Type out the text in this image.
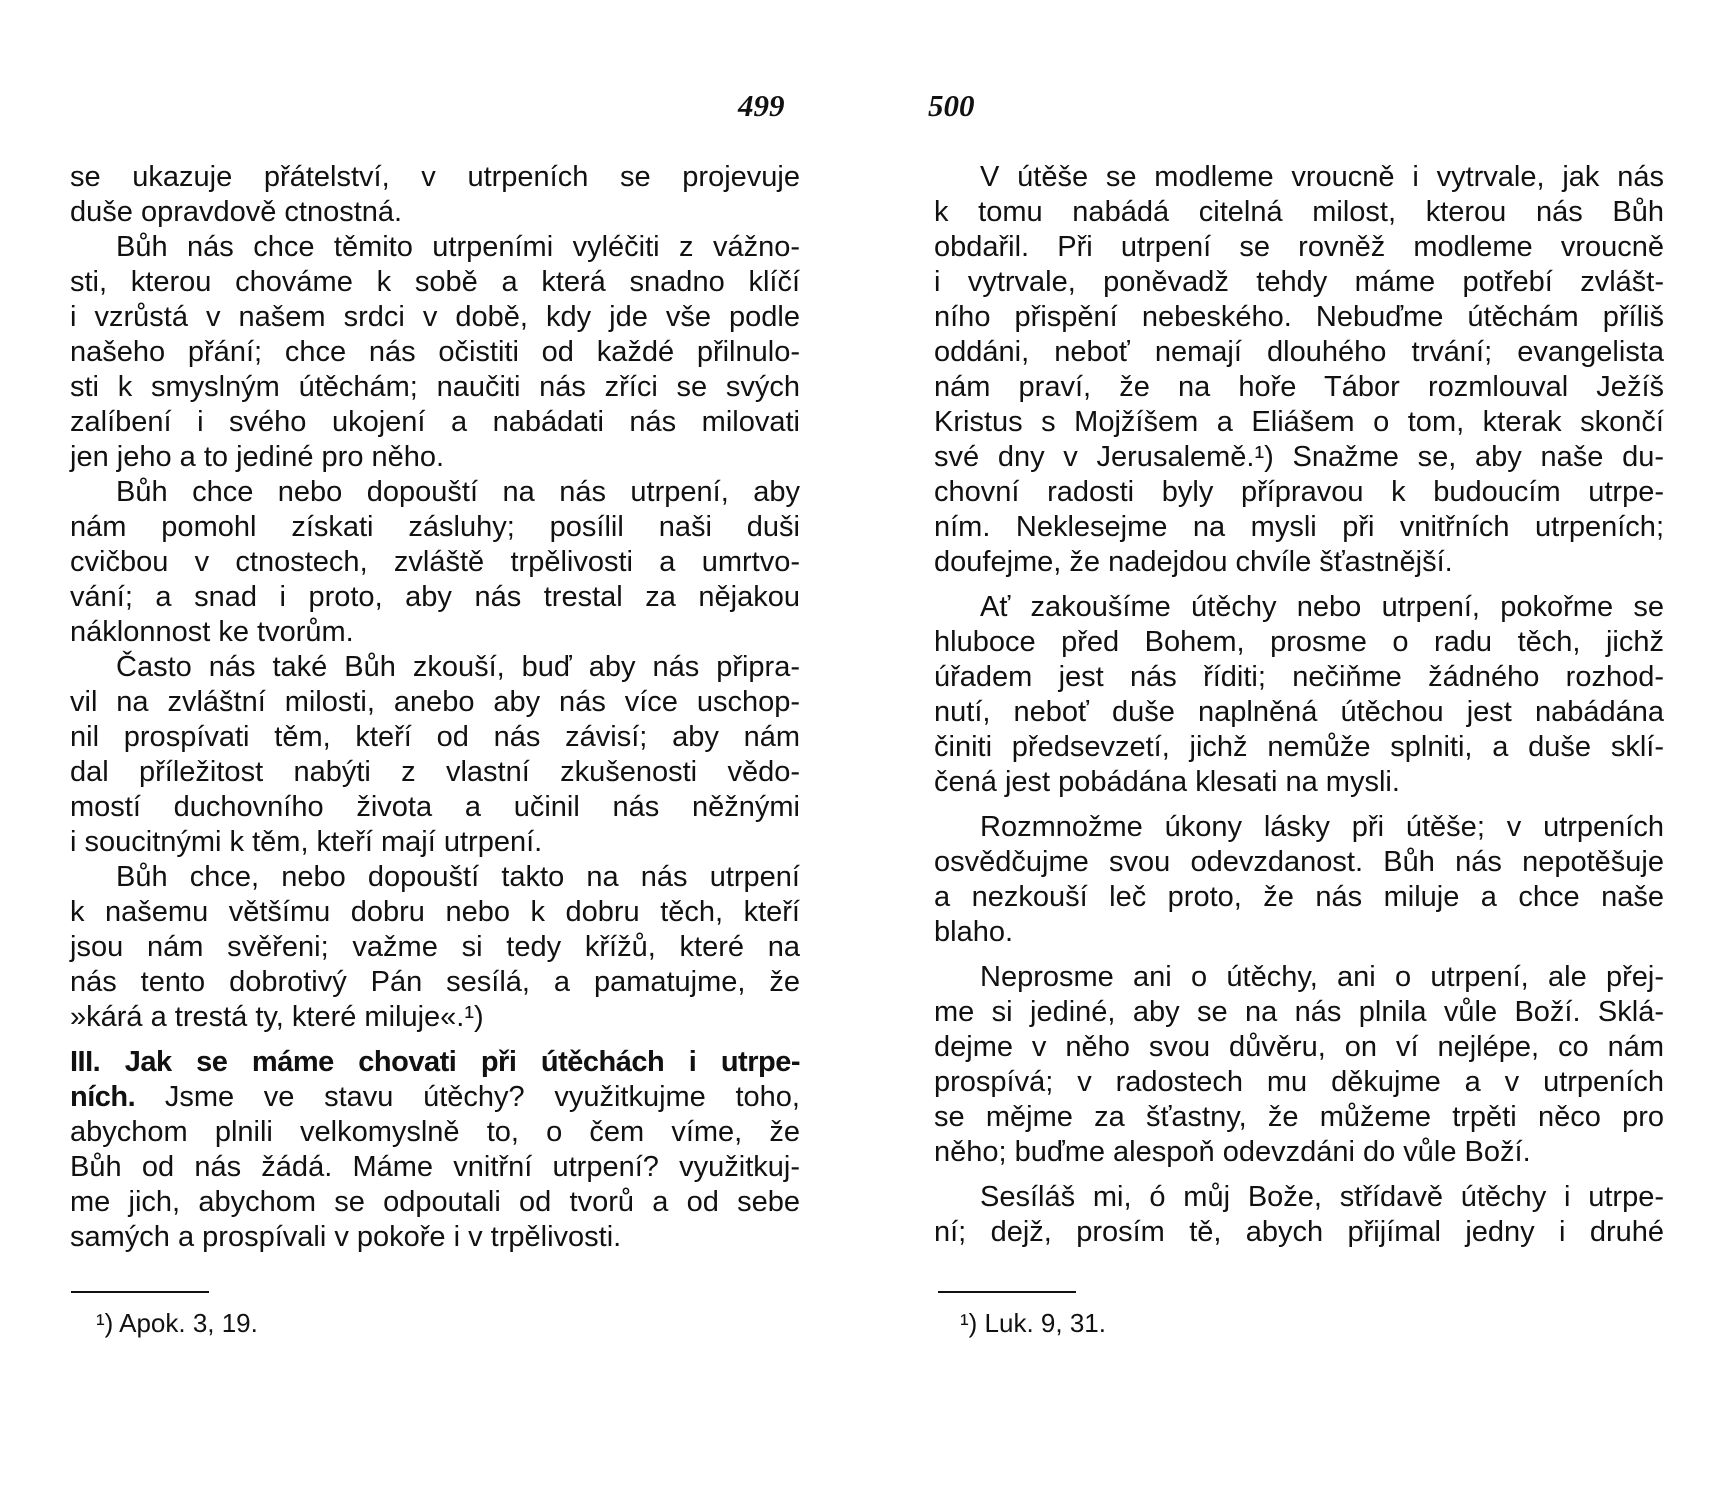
499
se ukazuje přátelství, v utrpeních se projevuje
duše opravdově ctnostná.
Bůh nás chce těmito utrpeními vyléčiti z vážno-
sti, kterou chováme k sobě a která snadno klíčí
i vzrůstá v našem srdci v době, kdy jde vše podle
našeho přání; chce nás očistiti od každé přilnulo-
sti k smyslným útěchám; naučiti nás zříci se svých
zalíbení i svého ukojení a nabádati nás milovati
jen jeho a to jediné pro něho.
Bůh chce nebo dopouští na nás utrpení, aby
nám pomohl získati zásluhy; posílil naši duši
cvičbou v ctnostech, zvláště trpělivosti a umrtvo-
vání; a snad i proto, aby nás trestal za nějakou
náklonnost ke tvorům.
Často nás také Bůh zkouší, buď aby nás připra-
vil na zvláštní milosti, anebo aby nás více uschop-
nil prospívati těm, kteří od nás závisí; aby nám
dal příležitost nabýti z vlastní zkušenosti vědo-
mostí duchovního života a učinil nás něžnými
i soucitnými k těm, kteří mají utrpení.
Bůh chce, nebo dopouští takto na nás utrpení
k našemu většímu dobru nebo k dobru těch, kteří
jsou nám svěřeni; važme si tedy křížů, které na
nás tento dobrotivý Pán sesílá, a pamatujme, že
»kárá a trestá ty, které miluje«.¹)
III. Jak se máme chovati při útěchách i utrpe-
ních. Jsme ve stavu útěchy? využitkujme toho,
abychom plnili velkomyslně to, o čem víme, že
Bůh od nás žádá. Máme vnitřní utrpení? využitkuj-
me jich, abychom se odpoutali od tvorů a od sebe
samých a prospívali v pokoře i v trpělivosti.
¹) Apok. 3, 19.
500
V útěše se modleme vroucně i vytrvale, jak nás
k tomu nabádá citelná milost, kterou nás Bůh
obdařil. Při utrpení se rovněž modleme vroucně
i vytrvale, poněvadž tehdy máme potřebí zvlášt-
ního přispění nebeského. Nebuďme útěchám příliš
oddáni, neboť nemají dlouhého trvání; evangelista
nám praví, že na hoře Tábor rozmlouval Ježíš
Kristus s Mojžíšem a Eliášem o tom, kterak skončí
své dny v Jerusalemě.¹) Snažme se, aby naše du-
chovní radosti byly přípravou k budoucím utrpe-
ním. Neklesejme na mysli při vnitřních utrpeních;
doufejme, že nadejdou chvíle šťastnější.
Ať zakoušíme útěchy nebo utrpení, pokořme se
hluboce před Bohem, prosme o radu těch, jichž
úřadem jest nás říditi; nečiňme žádného rozhod-
nutí, neboť duše naplněná útěchou jest nabádána
činiti předsevzetí, jichž nemůže splniti, a duše sklí-
čená jest pobádána klesati na mysli.
Rozmnožme úkony lásky při útěše; v utrpeních
osvědčujme svou odevzdanost. Bůh nás nepotěšuje
a nezkouší leč proto, že nás miluje a chce naše
blaho.
Neprosme ani o útěchy, ani o utrpení, ale přej-
me si jediné, aby se na nás plnila vůle Boží. Sklá-
dejme v něho svou důvěru, on ví nejlépe, co nám
prospívá; v radostech mu děkujme a v utrpeních
se mějme za šťastny, že můžeme trpěti něco pro
něho; buďme alespoň odevzdáni do vůle Boží.
Sesíláš mi, ó můj Bože, střídavě útěchy i utrpe-
ní; dejž, prosím tě, abych přijímal jedny i druhé
¹) Luk. 9, 31.
